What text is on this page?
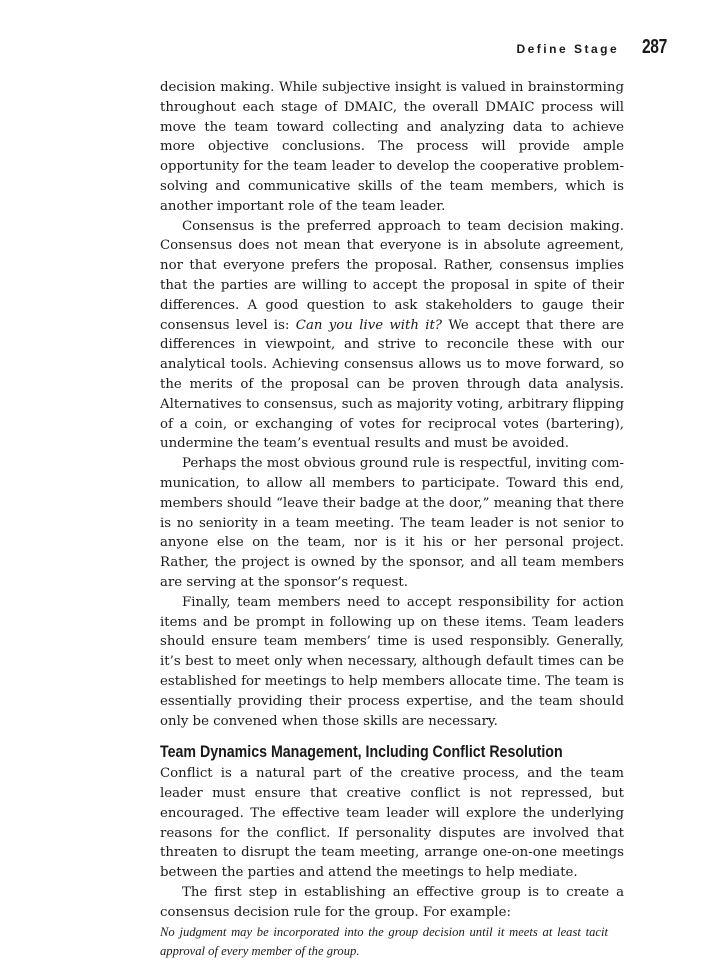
Define Stage 287

decision making. While subjective insight is valued in brainstorming throughout each stage of DMAIC, the overall DMAIC process will move the team toward collecting and analyzing data to achieve more objective conclusions. The process will provide ample opportunity for the team leader to develop the cooperative problem-solving and communicative skills of the team members, which is another important role of the team leader.

Consensus is the preferred approach to team decision making. Consensus does not mean that everyone is in absolute agreement, nor that everyone prefers the proposal. Rather, consensus implies that the parties are willing to accept the proposal in spite of their differences. A good question to ask stakeholders to gauge their consensus level is: Can you live with it? We accept that there are differences in viewpoint, and strive to reconcile these with our analytical tools. Achieving consensus allows us to move forward, so the merits of the proposal can be proven through data analysis. Alternatives to consensus, such as majority voting, arbitrary flipping of a coin, or exchanging of votes for reciprocal votes (bartering), undermine the team’s eventual results and must be avoided.

Perhaps the most obvious ground rule is respectful, inviting communication, to allow all members to participate. Toward this end, members should “leave their badge at the door,” meaning that there is no seniority in a team meeting. The team leader is not senior to anyone else on the team, nor is it his or her personal project. Rather, the project is owned by the sponsor, and all team members are serving at the sponsor’s request.

Finally, team members need to accept responsibility for action items and be prompt in following up on these items. Team leaders should ensure team members’ time is used responsibly. Generally, it’s best to meet only when necessary, although default times can be established for meetings to help members allocate time. The team is essentially providing their process expertise, and the team should only be convened when those skills are necessary.

Team Dynamics Management, Including Conflict Resolution

Conflict is a natural part of the creative process, and the team leader must ensure that creative conflict is not repressed, but encouraged. The effective team leader will explore the underlying reasons for the conflict. If personality disputes are involved that threaten to disrupt the team meeting, arrange one-on-one meetings between the parties and attend the meetings to help mediate.

The first step in establishing an effective group is to create a consensus decision rule for the group. For example:

No judgment may be incorporated into the group decision until it meets at least tacit approval of every member of the group.
